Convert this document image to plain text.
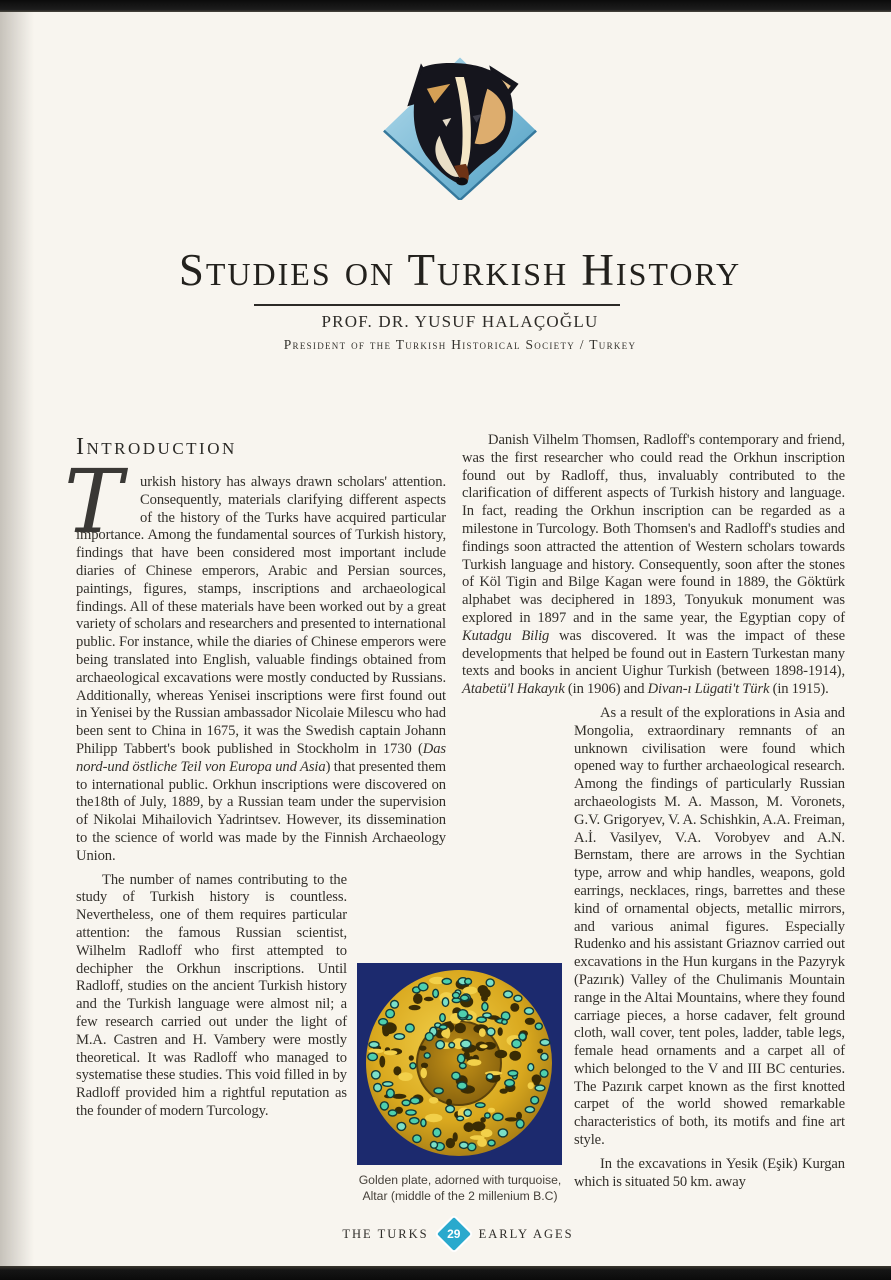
Studies on Turkish History
PROF. DR. YUSUF HALAÇOĞLU
President of the Turkish Historical Society / Turkey
Introduction

T	urkish history has always drawn scholars' attention. Consequently, materials clarifying different aspects of the history of the Turks have acquired particular importance. Among the fundamental sources of Turkish history, findings that have been considered most important include diaries of Chinese emperors, Arabic and Persian sources, paintings, figures, stamps, inscriptions and archaeological findings. All of these materials have been worked out by a great variety of scholars and researchers and presented to international public. For instance, while the diaries of Chinese emperors were being translated into English, valuable findings obtained from archaeological excavations were mostly conducted by Russians. Additionally, whereas Yenisei inscriptions were first found out in Yenisei by the Russian ambassador Nicolaie Milescu who had been sent to China in 1675, it was the Swedish captain Johann Philipp Tabbert's book published in Stockholm in 1730 (Das nord-und östliche Teil von Europa und Asia) that presented them to international public. Orkhun inscriptions were discovered on the18th of July, 1889, by a Russian team under the supervision of Nikolai Mihailovich Yadrintsev. However, its dissemination to the science of world was made by the Finnish Archaeology Union.

The number of names contributing to the study of Turkish history is countless. Nevertheless, one of them requires particular attention: the famous Russian scientist, Wilhelm Radloff who first attempted to dechipher the Orkhun inscriptions. Until Radloff, studies on the ancient Turkish history and the Turkish language were almost nil; a few research carried out under the light of M.A. Castren and H. Vambery were mostly theoretical. It was Radloff who managed to systematise these studies. This void filled in by Radloff provided him a rightful reputation as the founder of modern Turcology.

Danish Vilhelm Thomsen, Radloff's contemporary and friend, was the first researcher who could read the Orkhun inscription found out by Radloff, thus, invaluably contributed to the clarification of different aspects of Turkish history and language. In fact, reading the Orkhun inscription can be regarded as a milestone in Turcology. Both Thomsen's and Radloff's studies and findings soon attracted the attention of Western scholars towards Turkish language and history. Consequently, soon after the stones of Köl Tigin and Bilge Kagan were found in 1889, the Göktürk alphabet was deciphered in 1893, Tonyukuk monument was explored in 1897 and in the same year, the Egyptian copy of Kutadgu Bilig was discovered. It was the impact of these developments that helped be found out in Eastern Turkestan many texts and books in ancient Uighur Turkish (between 1898-1914), Atabetü'l Hakayık (in 1906) and Divan-ı Lügati't Türk (in 1915).

As a result of the explorations in Asia and Mongolia, extraordinary remnants of an unknown civilisation were found which opened way to further archaeological research. Among the findings of particularly Russian archaeologists M. A. Masson, M. Voronets, G.V. Grigoryev, V. A. Schishkin, A.A. Freiman, A.İ. Vasilyev, V.A. Vorobyev and A.N. Bernstam, there are arrows in the Sychtian type, arrow and whip handles, weapons, gold earrings, necklaces, rings, barrettes and these kind of ornamental objects, metallic mirrors, and various animal figures. Especially Rudenko and his assistant Griaznov carried out excavations in the Hun kurgans in the Pazyryk (Pazırık) Valley of the Chulimanis Mountain range in the Altai Mountains, where they found carriage pieces, a horse cadaver, felt ground cloth, wall cover, tent poles, ladder, table legs, female head ornaments and a carpet all of which belonged to the V and III BC centuries. The Pazırık carpet known as the first knotted carpet of the world showed remarkable characteristics of both, its motifs and fine art style.

In the excavations in Yesik (Eşik) Kurgan which is situated 50 km. away

Golden plate, adorned with turquoise,
Altar (middle of the 2 millenium B.C)
THE TURKS 29 EARLY AGES
